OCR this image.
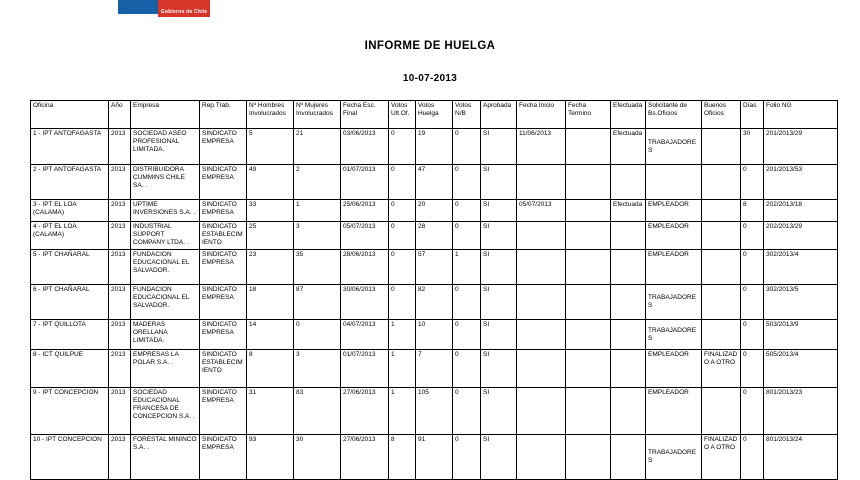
Gobierno de Chile
INFORME DE HUELGA
10-07-2013
Oficina	Año	Empresa	Rep.Trab.	Nº Hombres Involucrados	Nº Mujeres Involucrados	Fecha Esc. Final	Votos Ult.Of.	Votos Huelga	Votos N/B	Aprobada	Fecha Inicio	Fecha Termino	Efectuada	Solicitante de Bs.Oficios	Buenos Oficios	Días	Folio NG
1 - IPT ANTOFAGASTA	2013	SOCIEDAD ASEO PROFESIONAL LIMITADA.	SINDICATO EMPRESA	5	21	03/06/2013	0	19	0	SI	11/06/2013		Efectuada	TRABAJADORES		30	201/2013/29
2 - IPT ANTOFAGASTA	2013	DISTRIBUIDORA CUMMINS CHILE SA. .	SINDICATO EMPRESA	49	2	01/07/2013	0	47	0	SI						0	201/2013/53
3 - IPT EL LOA (CALAMA)	2013	UPTIME INVERSIONES S.A. .	SINDICATO EMPRESA	33	1	25/06/2013	0	20	0	SI	05/07/2013		Efectuada	EMPLEADOR		8	202/2013/18
4 - IPT EL LOA (CALAMA)	2013	INDUSTRIAL SUPPORT COMPANY LTDA. .	SINDICATO ESTABLECIMIENTO	25	3	05/07/2013	0	28	0	SI				EMPLEADOR		0	202/2013/29
5 - IPT CHAÑARAL	2013	FUNDACION EDUCACIONAL EL SALVADOR.	SINDICATO EMPRESA	23	35	28/06/2013	0	57	1	SI				EMPLEADOR		0	302/2013/4
6 - IPT CHAÑARAL	2013	FUNDACION EDUCACIONAL EL SALVADOR.	SINDICATO EMPRESA	18	87	30/06/2013	0	82	0	SI				TRABAJADORES		0	302/2013/5
7 - IPT QUILLOTA	2013	MADERAS ORELLANA LIMITADA.	SINDICATO EMPRESA	14	0	04/07/2013	1	10	0	SI				TRABAJADORES		0	503/2013/9
8 - ICT QUILPUE	2013	EMPRESAS LA POLAR S.A. .	SINDICATO ESTABLECIMIENTO	8	3	01/07/2013	1	7	0	SI				EMPLEADOR	FINALIZADO A OTRO	0	505/2013/4
9 - IPT CONCEPCION	2013	SOCIEDAD EDUCACIONAL FRANCESA DE CONCEPCION S.A. .	SINDICATO EMPRESA	31	83	27/06/2013	1	105	0	SI				EMPLEADOR		0	801/2013/23
10 - IPT CONCEPCION	2013	FORESTAL MININCO S.A. .	SINDICATO EMPRESA	93	30	27/06/2013	8	91	0	SI				TRABAJADORES	FINALIZADO A OTRO	0	801/2013/24
